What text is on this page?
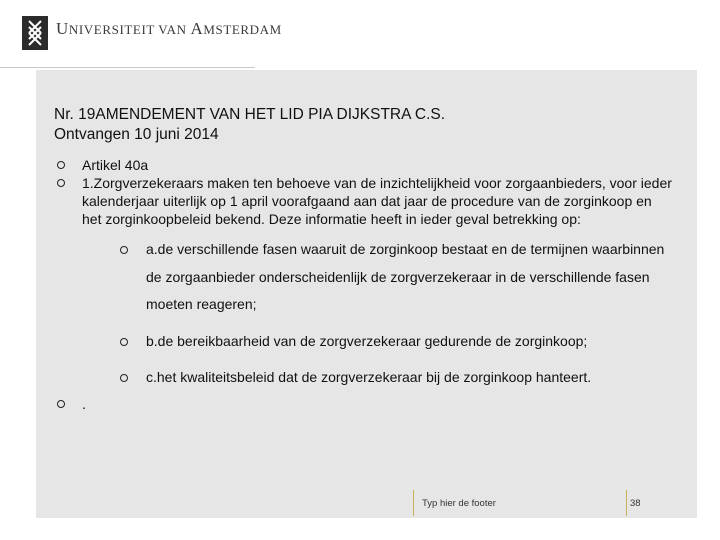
UNIVERSITEIT VAN AMSTERDAM
Nr. 19AMENDEMENT VAN HET LID PIA DIJKSTRA C.S.
Ontvangen 10 juni 2014
Artikel 40a
1.Zorgverzekeraars maken ten behoeve van de inzichtelijkheid voor zorgaanbieders, voor ieder kalenderjaar uiterlijk op 1 april voorafgaand aan dat jaar de procedure van de zorginkoop en het zorginkoopbeleid bekend. Deze informatie heeft in ieder geval betrekking op:
a.de verschillende fasen waaruit de zorginkoop bestaat en de termijnen waarbinnen de zorgaanbieder onderscheidenlijk de zorgverzekeraar in de verschillende fasen moeten reageren;
b.de bereikbaarheid van de zorgverzekeraar gedurende de zorginkoop;
c.het kwaliteitsbeleid dat de zorgverzekeraar bij de zorginkoop hanteert.
.
Typ hier de footer	38
